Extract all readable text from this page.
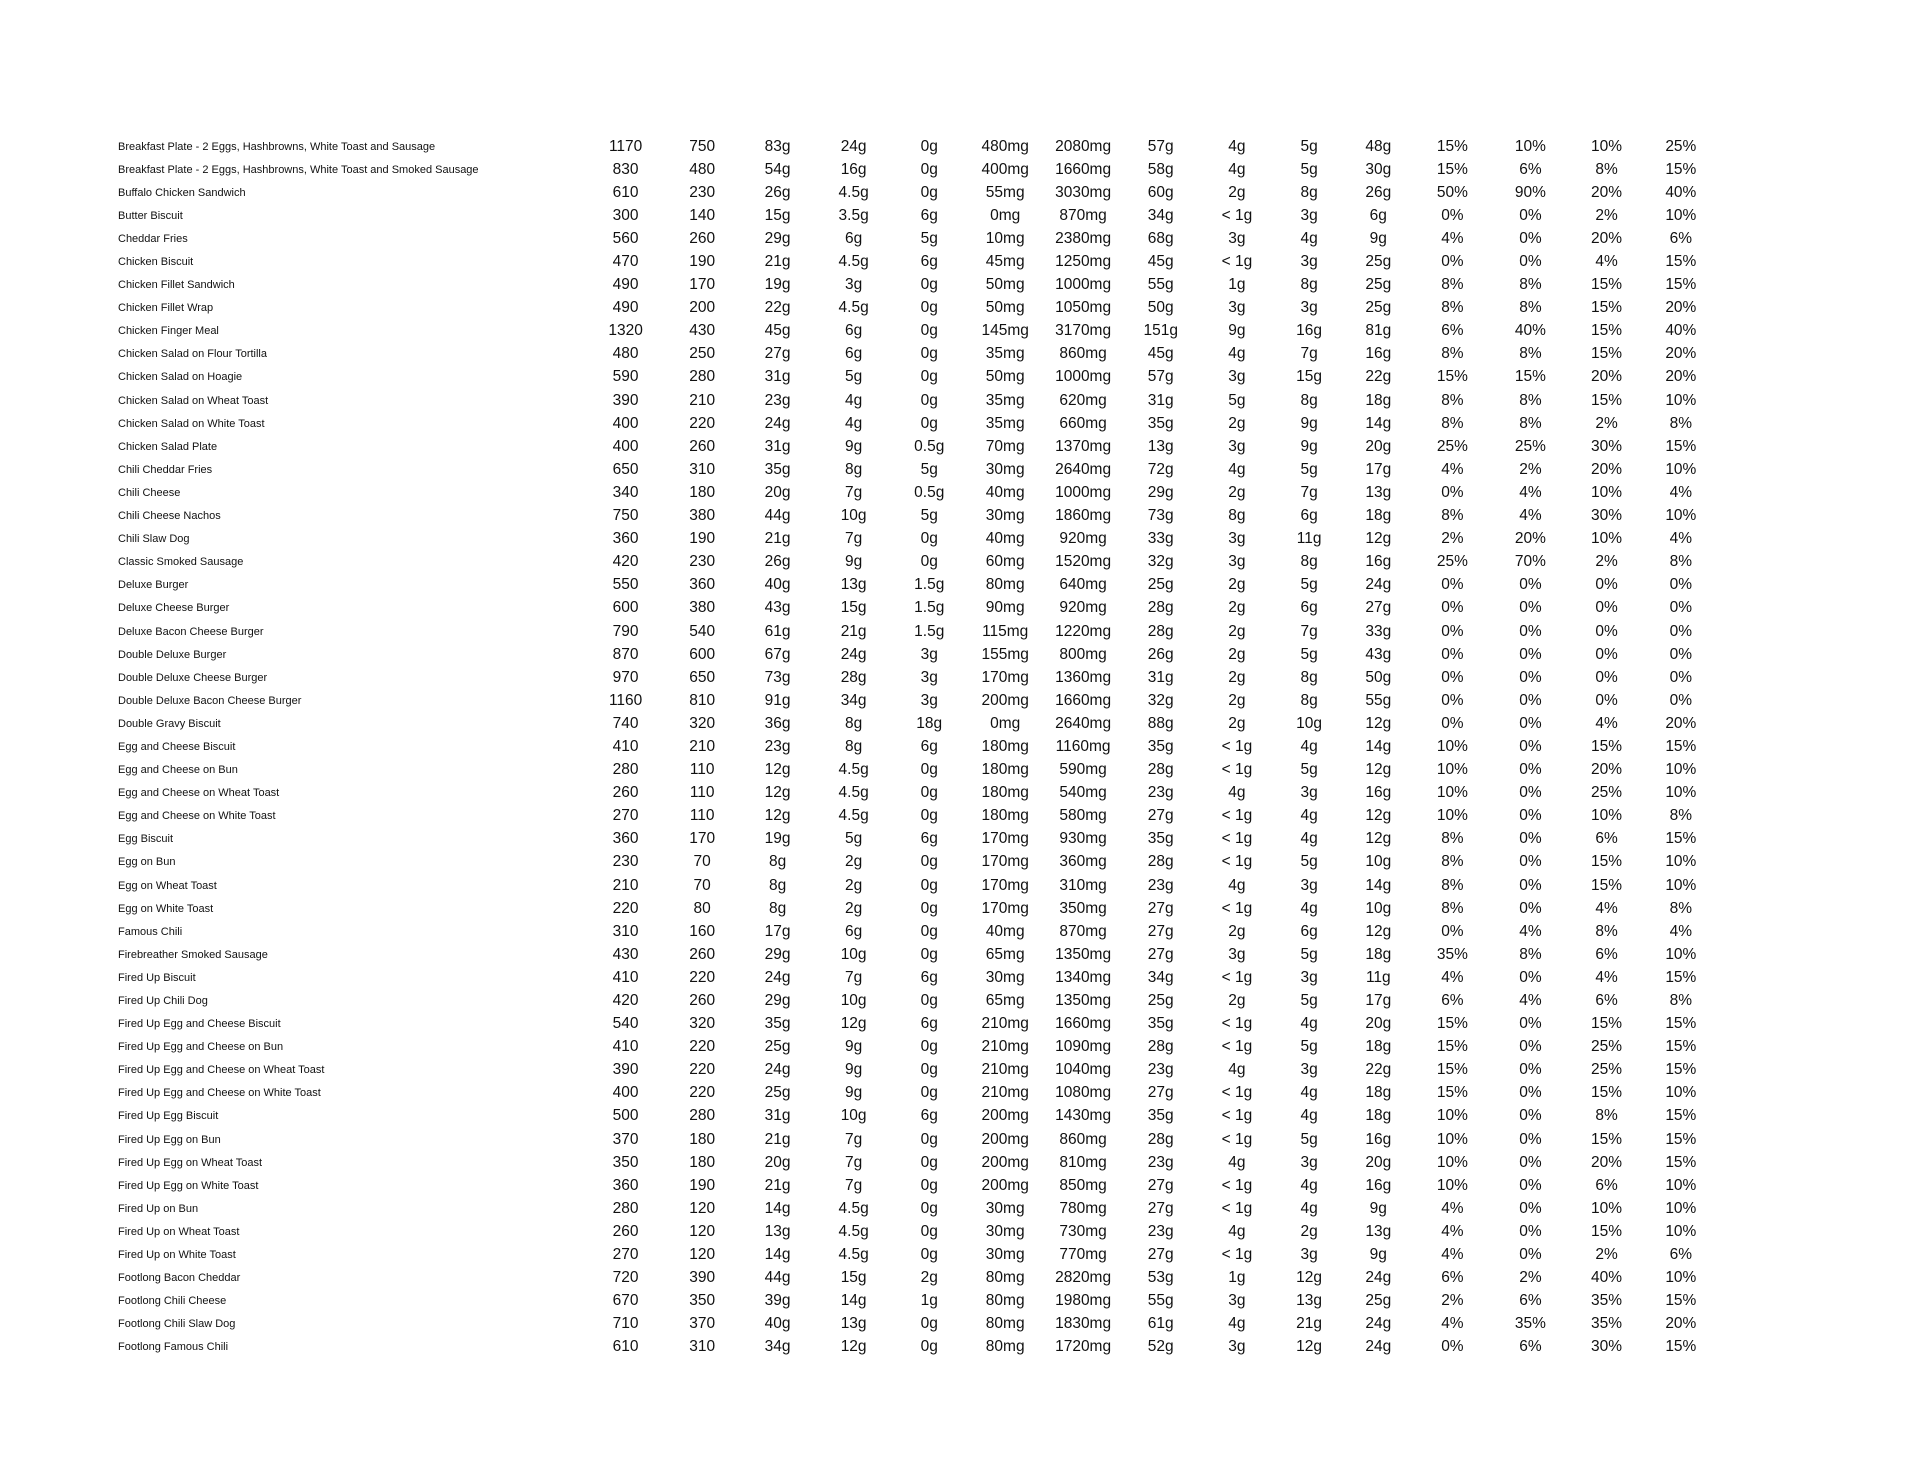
Breakfast Plate - 2 Eggs, Hashbrowns, White Toast and Sausage	1170	750	83g	24g	0g	480mg	2080mg	57g	4g	5g	48g	15%	10%	10%	25%
Breakfast Plate - 2 Eggs, Hashbrowns, White Toast and Smoked Sausage	830	480	54g	16g	0g	400mg	1660mg	58g	4g	5g	30g	15%	6%	8%	15%
Buffalo Chicken Sandwich	610	230	26g	4.5g	0g	55mg	3030mg	60g	2g	8g	26g	50%	90%	20%	40%
Butter Biscuit	300	140	15g	3.5g	6g	0mg	870mg	34g	< 1g	3g	6g	0%	0%	2%	10%
Cheddar Fries	560	260	29g	6g	5g	10mg	2380mg	68g	3g	4g	9g	4%	0%	20%	6%
Chicken Biscuit	470	190	21g	4.5g	6g	45mg	1250mg	45g	< 1g	3g	25g	0%	0%	4%	15%
Chicken Fillet Sandwich	490	170	19g	3g	0g	50mg	1000mg	55g	1g	8g	25g	8%	8%	15%	15%
Chicken Fillet Wrap	490	200	22g	4.5g	0g	50mg	1050mg	50g	3g	3g	25g	8%	8%	15%	20%
Chicken Finger Meal	1320	430	45g	6g	0g	145mg	3170mg	151g	9g	16g	81g	6%	40%	15%	40%
Chicken Salad on Flour Tortilla	480	250	27g	6g	0g	35mg	860mg	45g	4g	7g	16g	8%	8%	15%	20%
Chicken Salad on Hoagie	590	280	31g	5g	0g	50mg	1000mg	57g	3g	15g	22g	15%	15%	20%	20%
Chicken Salad on Wheat Toast	390	210	23g	4g	0g	35mg	620mg	31g	5g	8g	18g	8%	8%	15%	10%
Chicken Salad on White Toast	400	220	24g	4g	0g	35mg	660mg	35g	2g	9g	14g	8%	8%	2%	8%
Chicken Salad Plate	400	260	31g	9g	0.5g	70mg	1370mg	13g	3g	9g	20g	25%	25%	30%	15%
Chili Cheddar Fries	650	310	35g	8g	5g	30mg	2640mg	72g	4g	5g	17g	4%	2%	20%	10%
Chili Cheese	340	180	20g	7g	0.5g	40mg	1000mg	29g	2g	7g	13g	0%	4%	10%	4%
Chili Cheese Nachos	750	380	44g	10g	5g	30mg	1860mg	73g	8g	6g	18g	8%	4%	30%	10%
Chili Slaw Dog	360	190	21g	7g	0g	40mg	920mg	33g	3g	11g	12g	2%	20%	10%	4%
Classic Smoked Sausage	420	230	26g	9g	0g	60mg	1520mg	32g	3g	8g	16g	25%	70%	2%	8%
Deluxe Burger	550	360	40g	13g	1.5g	80mg	640mg	25g	2g	5g	24g	0%	0%	0%	0%
Deluxe Cheese Burger	600	380	43g	15g	1.5g	90mg	920mg	28g	2g	6g	27g	0%	0%	0%	0%
Deluxe Bacon Cheese Burger	790	540	61g	21g	1.5g	115mg	1220mg	28g	2g	7g	33g	0%	0%	0%	0%
Double Deluxe Burger	870	600	67g	24g	3g	155mg	800mg	26g	2g	5g	43g	0%	0%	0%	0%
Double Deluxe Cheese Burger	970	650	73g	28g	3g	170mg	1360mg	31g	2g	8g	50g	0%	0%	0%	0%
Double Deluxe Bacon Cheese Burger	1160	810	91g	34g	3g	200mg	1660mg	32g	2g	8g	55g	0%	0%	0%	0%
Double Gravy Biscuit	740	320	36g	8g	18g	0mg	2640mg	88g	2g	10g	12g	0%	0%	4%	20%
Egg and Cheese Biscuit	410	210	23g	8g	6g	180mg	1160mg	35g	< 1g	4g	14g	10%	0%	15%	15%
Egg and Cheese on Bun	280	110	12g	4.5g	0g	180mg	590mg	28g	< 1g	5g	12g	10%	0%	20%	10%
Egg and Cheese on Wheat Toast	260	110	12g	4.5g	0g	180mg	540mg	23g	4g	3g	16g	10%	0%	25%	10%
Egg and Cheese on White Toast	270	110	12g	4.5g	0g	180mg	580mg	27g	< 1g	4g	12g	10%	0%	10%	8%
Egg Biscuit	360	170	19g	5g	6g	170mg	930mg	35g	< 1g	4g	12g	8%	0%	6%	15%
Egg on Bun	230	70	8g	2g	0g	170mg	360mg	28g	< 1g	5g	10g	8%	0%	15%	10%
Egg on Wheat Toast	210	70	8g	2g	0g	170mg	310mg	23g	4g	3g	14g	8%	0%	15%	10%
Egg on White Toast	220	80	8g	2g	0g	170mg	350mg	27g	< 1g	4g	10g	8%	0%	4%	8%
Famous Chili	310	160	17g	6g	0g	40mg	870mg	27g	2g	6g	12g	0%	4%	8%	4%
Firebreather Smoked Sausage	430	260	29g	10g	0g	65mg	1350mg	27g	3g	5g	18g	35%	8%	6%	10%
Fired Up Biscuit	410	220	24g	7g	6g	30mg	1340mg	34g	< 1g	3g	11g	4%	0%	4%	15%
Fired Up Chili Dog	420	260	29g	10g	0g	65mg	1350mg	25g	2g	5g	17g	6%	4%	6%	8%
Fired Up Egg and Cheese Biscuit	540	320	35g	12g	6g	210mg	1660mg	35g	< 1g	4g	20g	15%	0%	15%	15%
Fired Up Egg and Cheese on Bun	410	220	25g	9g	0g	210mg	1090mg	28g	< 1g	5g	18g	15%	0%	25%	15%
Fired Up Egg and Cheese on Wheat Toast	390	220	24g	9g	0g	210mg	1040mg	23g	4g	3g	22g	15%	0%	25%	15%
Fired Up Egg and Cheese on White Toast	400	220	25g	9g	0g	210mg	1080mg	27g	< 1g	4g	18g	15%	0%	15%	10%
Fired Up Egg Biscuit	500	280	31g	10g	6g	200mg	1430mg	35g	< 1g	4g	18g	10%	0%	8%	15%
Fired Up Egg on Bun	370	180	21g	7g	0g	200mg	860mg	28g	< 1g	5g	16g	10%	0%	15%	15%
Fired Up Egg on Wheat Toast	350	180	20g	7g	0g	200mg	810mg	23g	4g	3g	20g	10%	0%	20%	15%
Fired Up Egg on White Toast	360	190	21g	7g	0g	200mg	850mg	27g	< 1g	4g	16g	10%	0%	6%	10%
Fired Up on Bun	280	120	14g	4.5g	0g	30mg	780mg	27g	< 1g	4g	9g	4%	0%	10%	10%
Fired Up on Wheat Toast	260	120	13g	4.5g	0g	30mg	730mg	23g	4g	2g	13g	4%	0%	15%	10%
Fired Up on White Toast	270	120	14g	4.5g	0g	30mg	770mg	27g	< 1g	3g	9g	4%	0%	2%	6%
Footlong Bacon Cheddar	720	390	44g	15g	2g	80mg	2820mg	53g	1g	12g	24g	6%	2%	40%	10%
Footlong Chili Cheese	670	350	39g	14g	1g	80mg	1980mg	55g	3g	13g	25g	2%	6%	35%	15%
Footlong Chili Slaw Dog	710	370	40g	13g	0g	80mg	1830mg	61g	4g	21g	24g	4%	35%	35%	20%
Footlong Famous Chili	610	310	34g	12g	0g	80mg	1720mg	52g	3g	12g	24g	0%	6%	30%	15%
